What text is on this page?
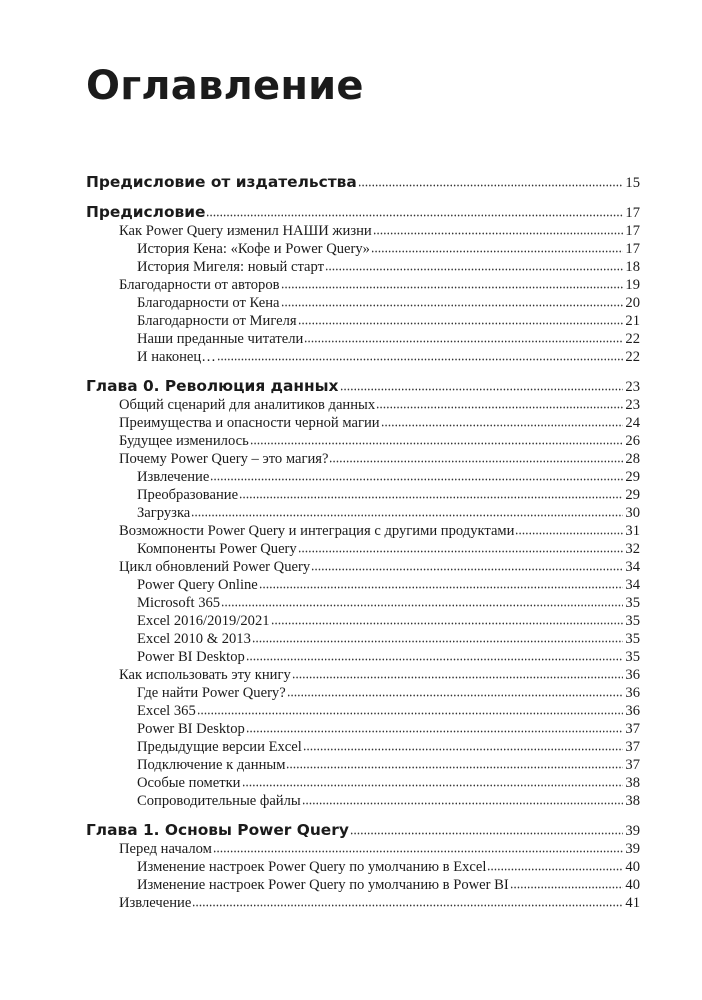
Оглавление
Предисловие от издательства	15
Предисловие	17
Как Power Query изменил НАШИ жизни	17
История Кена: «Кофе и Power Query»	17
История Мигеля: новый старт	18
Благодарности от авторов	19
Благодарности от Кена	20
Благодарности от Мигеля	21
Наши преданные читатели	22
И наконец…	22
Глава 0. Революция данных	23
Общий сценарий для аналитиков данных	23
Преимущества и опасности черной магии	24
Будущее изменилось	26
Почему Power Query – это магия?	28
Извлечение	29
Преобразование	29
Загрузка	30
Возможности Power Query и интеграция с другими продуктами	31
Компоненты Power Query	32
Цикл обновлений Power Query	34
Power Query Online	34
Microsoft 365	35
Excel 2016/2019/2021	35
Excel 2010 & 2013	35
Power BI Desktop	35
Как использовать эту книгу	36
Где найти Power Query?	36
Excel 365	36
Power BI Desktop	37
Предыдущие версии Excel	37
Подключение к данным	37
Особые пометки	38
Сопроводительные файлы	38
Глава 1. Основы Power Query	39
Перед началом	39
Изменение настроек Power Query по умолчанию в Excel	40
Изменение настроек Power Query по умолчанию в Power BI	40
Извлечение	41
